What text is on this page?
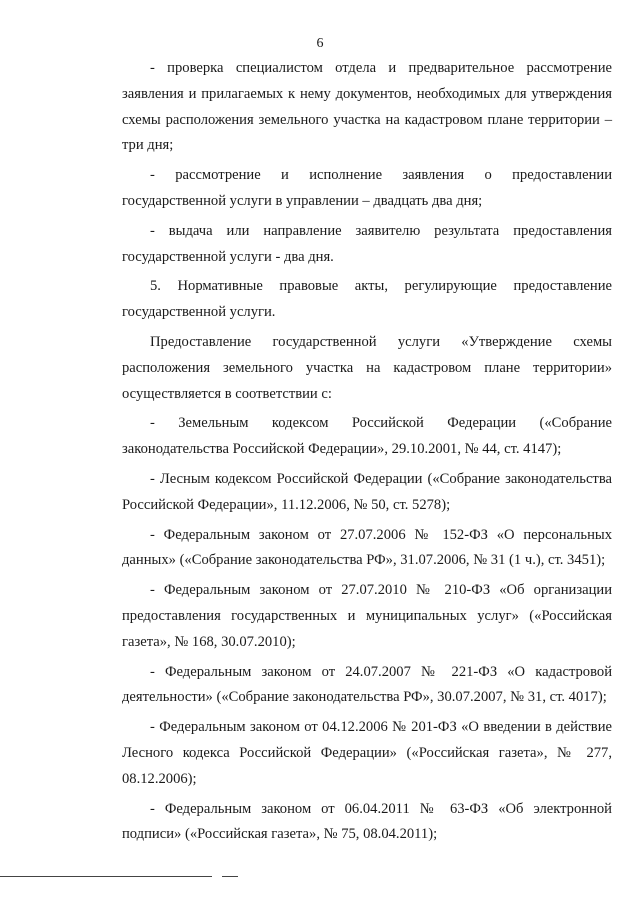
6

- проверка специалистом отдела и предварительное рассмотрение заявления и прилагаемых к нему документов, необходимых для утверждения схемы расположения земельного участка на кадастровом плане территории – три дня;

- рассмотрение и исполнение заявления о предоставлении государственной услуги в управлении – двадцать два дня;

- выдача или направление заявителю результата предоставления государственной услуги - два дня.

5. Нормативные правовые акты, регулирующие предоставление государственной услуги.

Предоставление государственной услуги «Утверждение схемы расположения земельного участка на кадастровом плане территории» осуществляется в соответствии с:

- Земельным кодексом Российской Федерации («Собрание законодательства Российской Федерации», 29.10.2001, № 44, ст. 4147);

- Лесным кодексом Российской Федерации («Собрание законодательства Российской Федерации», 11.12.2006, № 50, ст. 5278);

- Федеральным законом от 27.07.2006 № 152-ФЗ «О персональных данных» («Собрание законодательства РФ», 31.07.2006, № 31 (1 ч.), ст. 3451);

- Федеральным законом от 27.07.2010 № 210-ФЗ «Об организации предоставления государственных и муниципальных услуг» («Российская газета», № 168, 30.07.2010);

- Федеральным законом от 24.07.2007 № 221-ФЗ «О кадастровой деятельности» («Собрание законодательства РФ», 30.07.2007, № 31, ст. 4017);

- Федеральным законом от 04.12.2006 № 201-ФЗ «О введении в действие Лесного кодекса Российской Федерации» («Российская газета», № 277, 08.12.2006);

- Федеральным законом от 06.04.2011 № 63-ФЗ «Об электронной подписи» («Российская газета», № 75, 08.04.2011);
